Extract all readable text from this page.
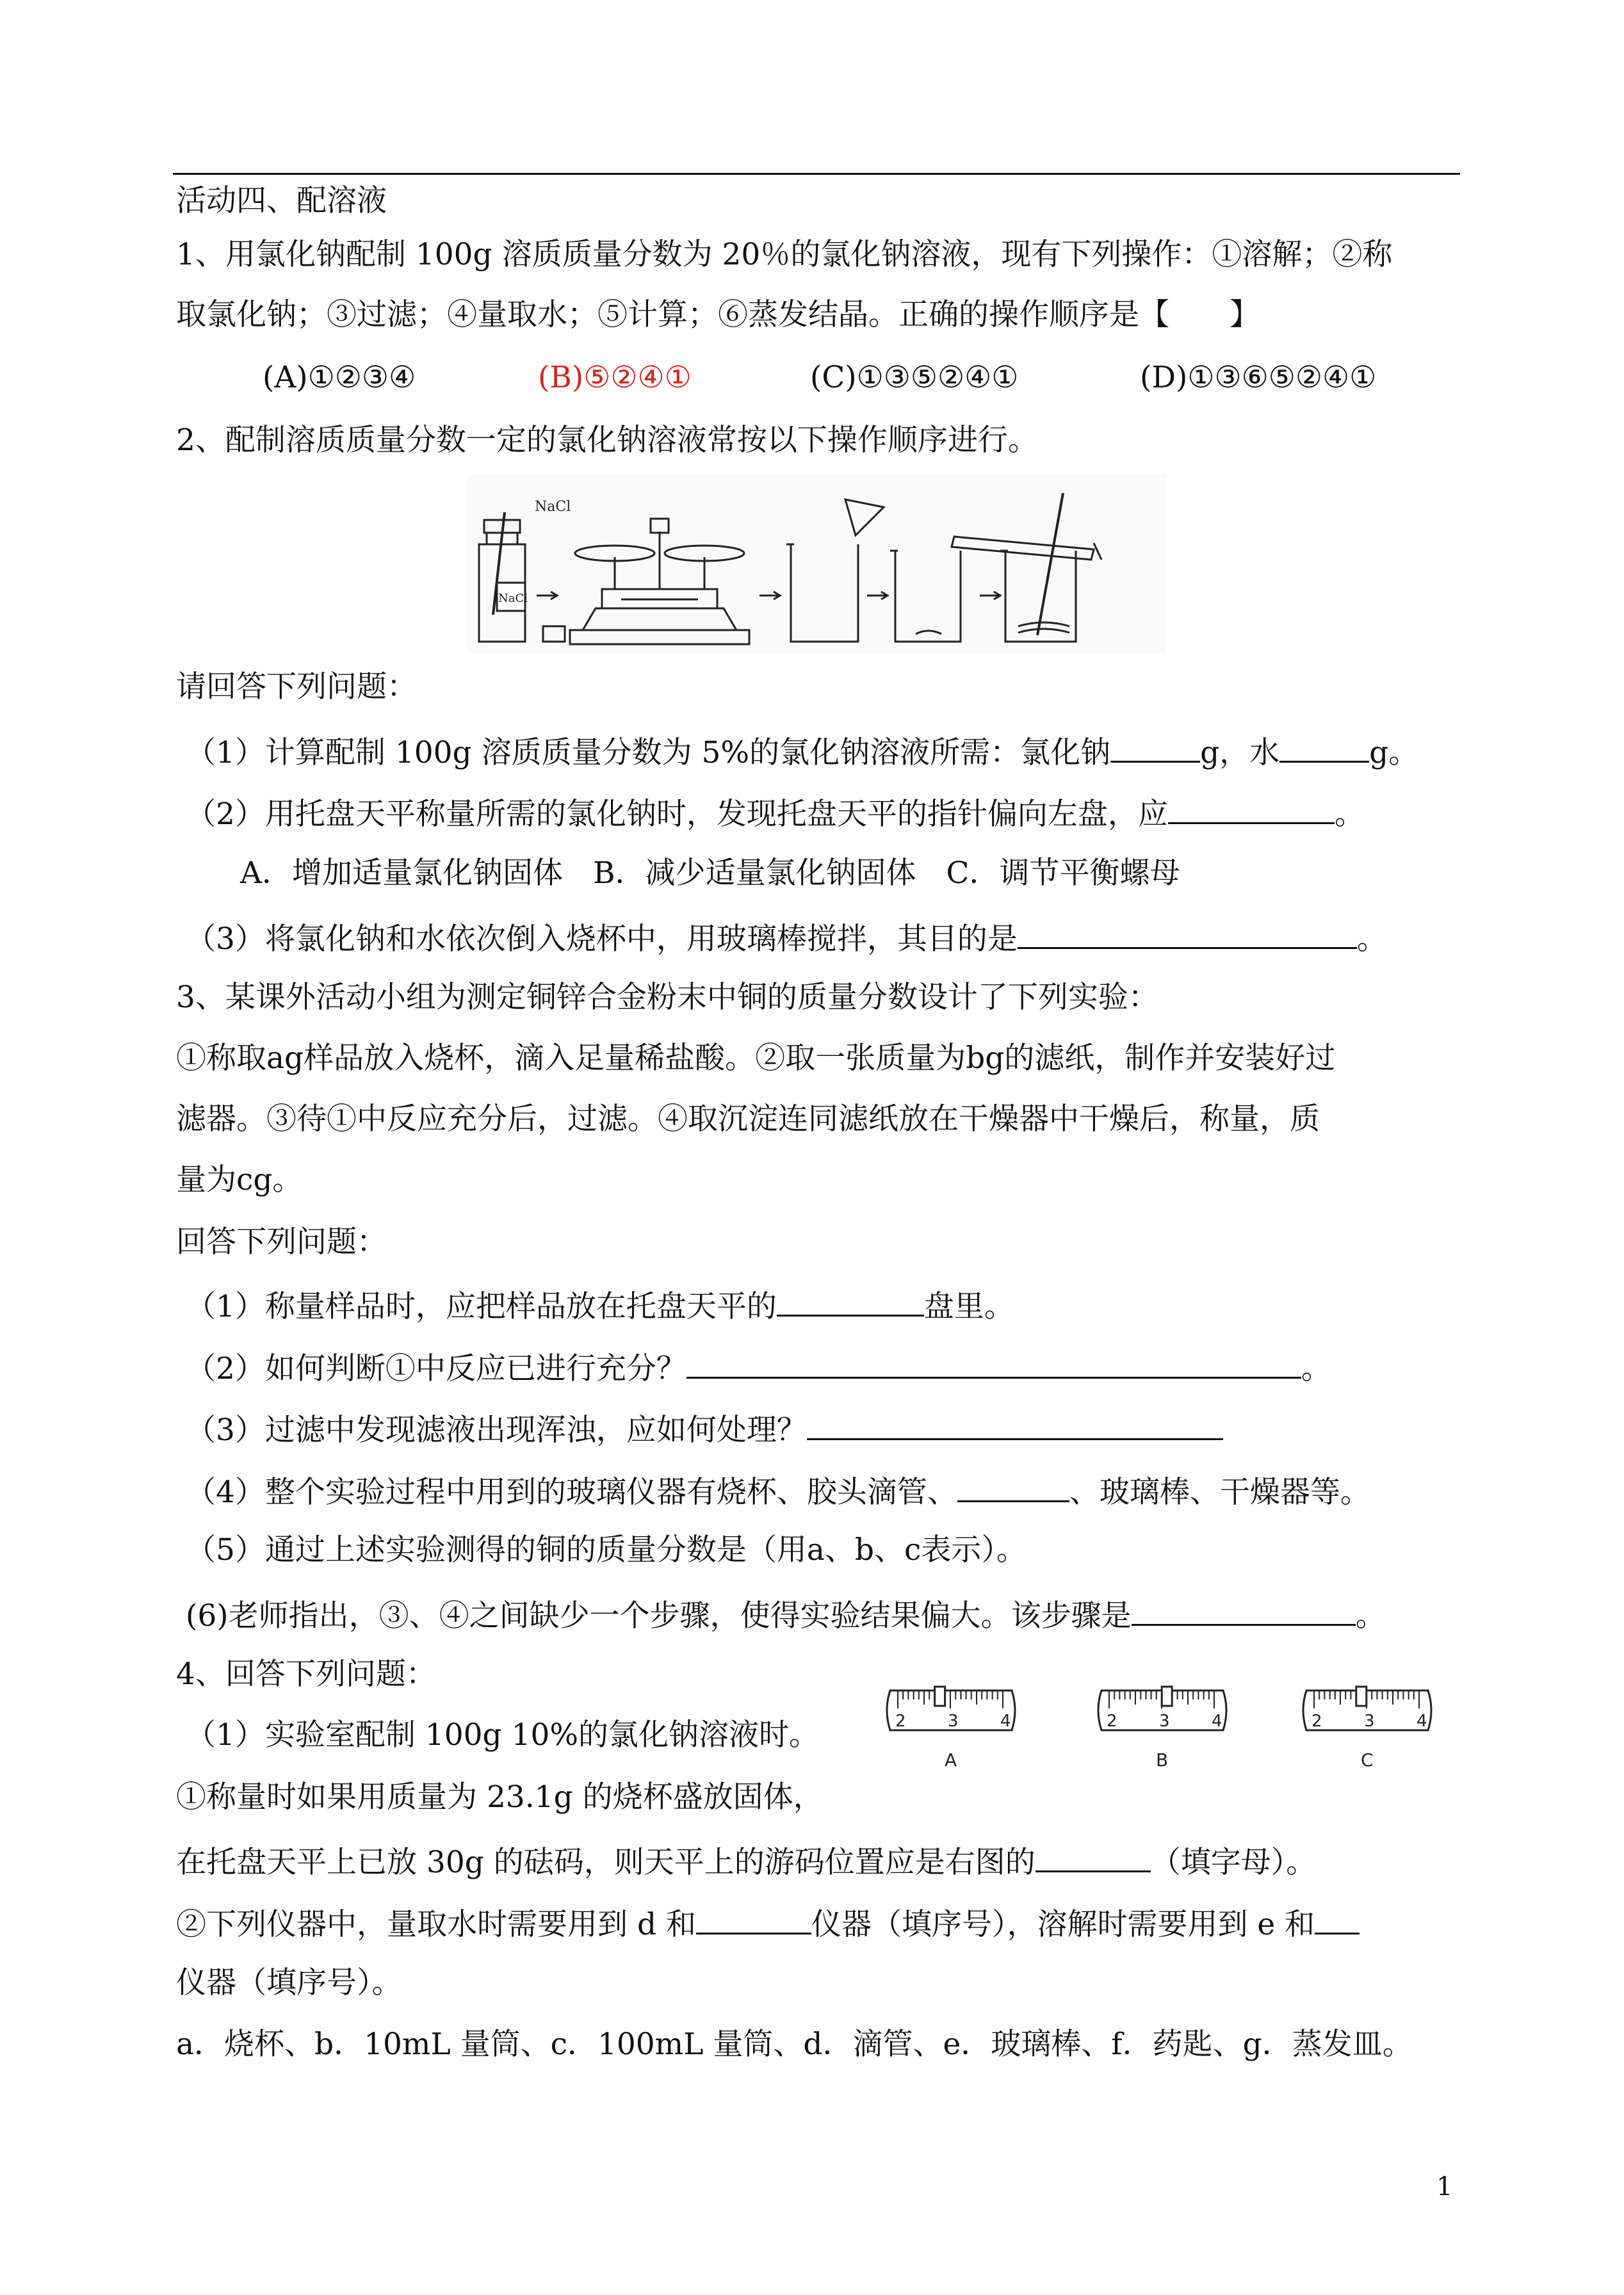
活动四、配溶液
1、用氯化钠配制 100g 溶质质量分数为 20％的氯化钠溶液，现有下列操作：①溶解；②称
取氯化钠；③过滤；④量取水；⑤计算；⑥蒸发结晶。正确的操作顺序是【　　】
(A)①②③④	(B)⑤②④①	(C)①③⑤②④①	(D)①③⑥⑤②④①
2、配制溶质质量分数一定的氯化钠溶液常按以下操作顺序进行。
NaCl
NaCl
请回答下列问题：
（1）计算配制 100g 溶质质量分数为 5%的氯化钠溶液所需：氯化钠	g，水	g。
（2）用托盘天平称量所需的氯化钠时，发现托盘天平的指针偏向左盘，应	。
A．增加适量氯化钠固体　B．减少适量氯化钠固体　C．调节平衡螺母
（3）将氯化钠和水依次倒入烧杯中，用玻璃棒搅拌，其目的是	。
3、某课外活动小组为测定铜锌合金粉末中铜的质量分数设计了下列实验：
①称取ag样品放入烧杯，滴入足量稀盐酸。②取一张质量为bg的滤纸，制作并安装好过
滤器。③待①中反应充分后，过滤。④取沉淀连同滤纸放在干燥器中干燥后，称量，质
量为cg。
回答下列问题：
（1）称量样品时，应把样品放在托盘天平的	盘里。
（2）如何判断①中反应已进行充分？	。
（3）过滤中发现滤液出现浑浊，应如何处理？
（4）整个实验过程中用到的玻璃仪器有烧杯、胶头滴管、	、玻璃棒、干燥器等。
（5）通过上述实验测得的铜的质量分数是（用a、b、c表示）。
(6)老师指出，③、④之间缺少一个步骤，使得实验结果偏大。该步骤是	。
4、回答下列问题：
（1）实验室配制 100g 10%的氯化钠溶液时。	2	3	4
A
2	3	4
B
2	3	4
C
①称量时如果用质量为 23.1g 的烧杯盛放固体，
在托盘天平上已放 30g 的砝码，则天平上的游码位置应是右图的	（填字母）。
②下列仪器中，量取水时需要用到 d 和	仪器（填序号），溶解时需要用到 e 和
仪器（填序号）。
a．烧杯、b．10mL 量筒、c．100mL 量筒、d．滴管、e．玻璃棒、f．药匙、g．蒸发皿。
1
